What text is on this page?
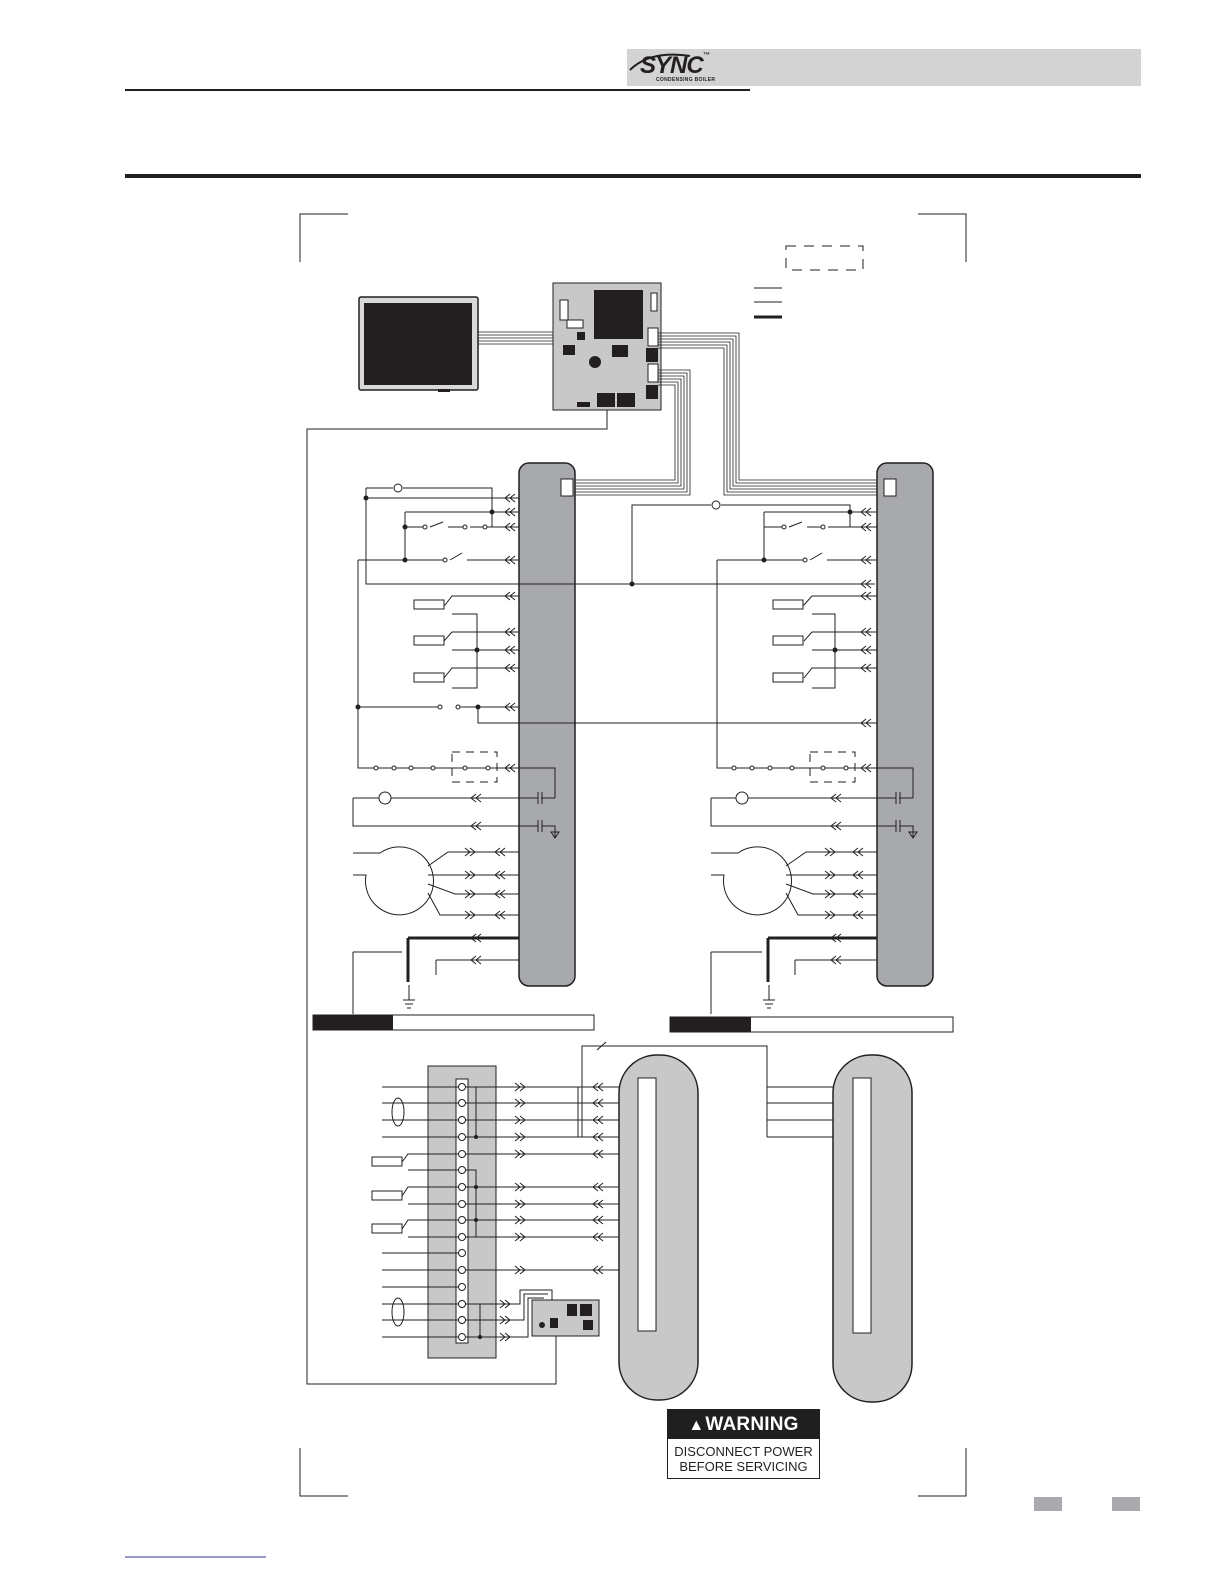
SYNC™
CONDENSING BOILER
▲WARNING
DISCONNECT POWER
BEFORE SERVICING
